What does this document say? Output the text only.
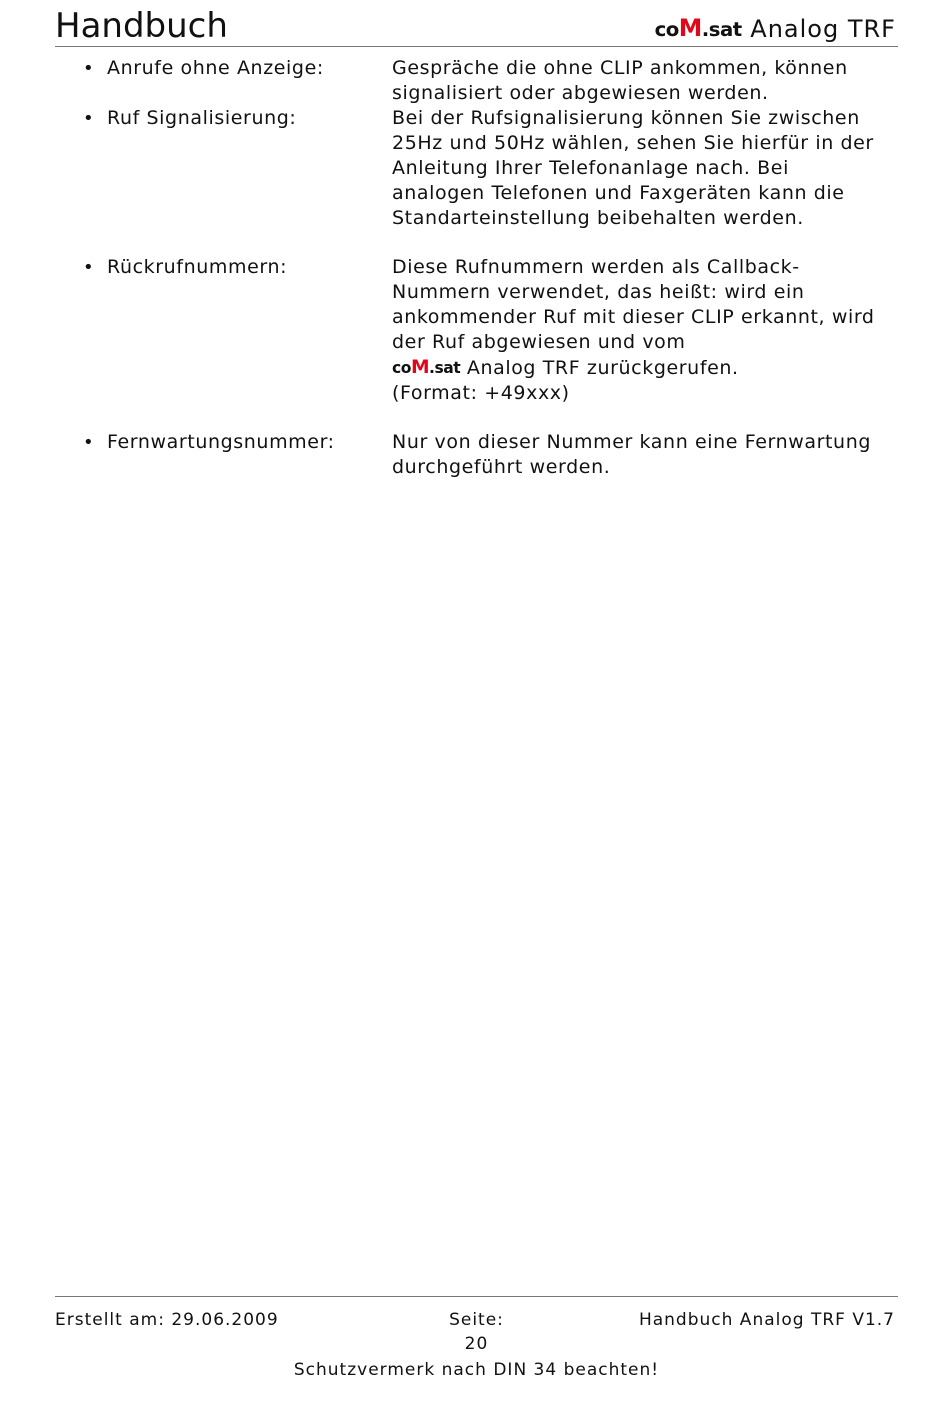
Handbuch	coM.sat Analog TRF
• Anrufe ohne Anzeige:	Gespräche die ohne CLIP ankommen, können
signalisiert oder abgewiesen werden.
• Ruf Signalisierung:	Bei der Rufsignalisierung können Sie zwischen
25Hz und 50Hz wählen, sehen Sie hierfür in der
Anleitung Ihrer Telefonanlage nach. Bei
analogen Telefonen und Faxgeräten kann die
Standarteinstellung beibehalten werden.
• Rückrufnummern:	Diese Rufnummern werden als Callback-
Nummern verwendet, das heißt: wird ein
ankommender Ruf mit dieser CLIP erkannt, wird
der Ruf abgewiesen und vom
coM.sat Analog TRF zurückgerufen.
(Format: +49xxx)
• Fernwartungsnummer:	Nur von dieser Nummer kann eine Fernwartung
durchgeführt werden.
Erstellt am: 29.06.2009	Seite:	Handbuch Analog TRF V1.7
20
Schutzvermerk nach DIN 34 beachten!
